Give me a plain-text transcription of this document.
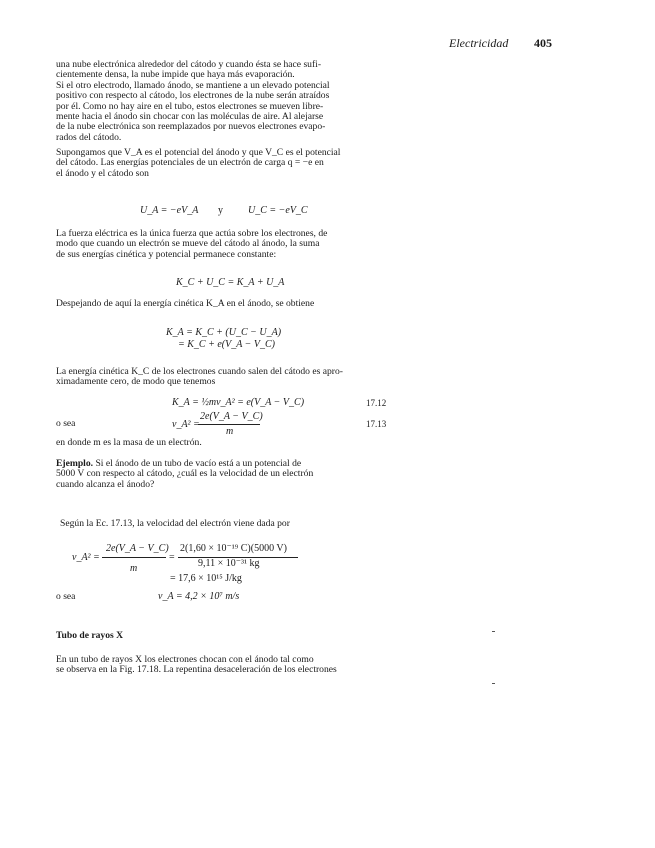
Electricidad 405
una nube electrónica alrededor del cátodo y cuando ésta se hace sufi-
cientemente densa, la nube impide que haya más evaporación.
Si el otro electrodo, llamado ánodo, se mantiene a un elevado potencial
positivo con respecto al cátodo, los electrones de la nube serán atraídos
por él. Como no hay aire en el tubo, estos electrones se mueven libre-
mente hacia el ánodo sin chocar con las moléculas de aire. Al alejarse
de la nube electrónica son reemplazados por nuevos electrones evapo-
rados del cátodo.
Supongamos que V_A es el potencial del ánodo y que V_C es el potencial
del cátodo. Las energías potenciales de un electrón de carga q = −e en
el ánodo y el cátodo son
U_A = −eV_A y	U_C = −eV_C
La fuerza eléctrica es la única fuerza que actúa sobre los electrones, de
modo que cuando un electrón se mueve del cátodo al ánodo, la suma
de sus energías cinética y potencial permanece constante:
K_C + U_C = K_A + U_A
Despejando de aquí la energía cinética K_A en el ánodo, se obtiene
K_A = K_C + (U_C − U_A)
= K_C + e(V_A − V_C)
La energía cinética K_C de los electrones cuando salen del cátodo es apro-
ximadamente cero, de modo que tenemos
K_A = ½mv_A² = e(V_A − V_C)	17.12
o sea	v_A² =
2e(V_A − V_C)
m
17.13
en donde m es la masa de un electrón.
Ejemplo. Si el ánodo de un tubo de vacío está a un potencial de
5000 V con respecto al cátodo, ¿cuál es la velocidad de un electrón
cuando alcanza el ánodo?
Según la Ec. 17.13, la velocidad del electrón viene dada por
v_A² =
2e(V_A − V_C)
m
=
2(1,60 × 10⁻¹⁹ C)(5000 V)
9,11 × 10⁻³¹ kg
= 17,6 × 10¹⁵ J/kg
o sea	v_A = 4,2 × 10⁷ m/s
Tubo de rayos X
En un tubo de rayos X los electrones chocan con el ánodo tal como
se observa en la Fig. 17.18. La repentina desaceleración de los electrones
